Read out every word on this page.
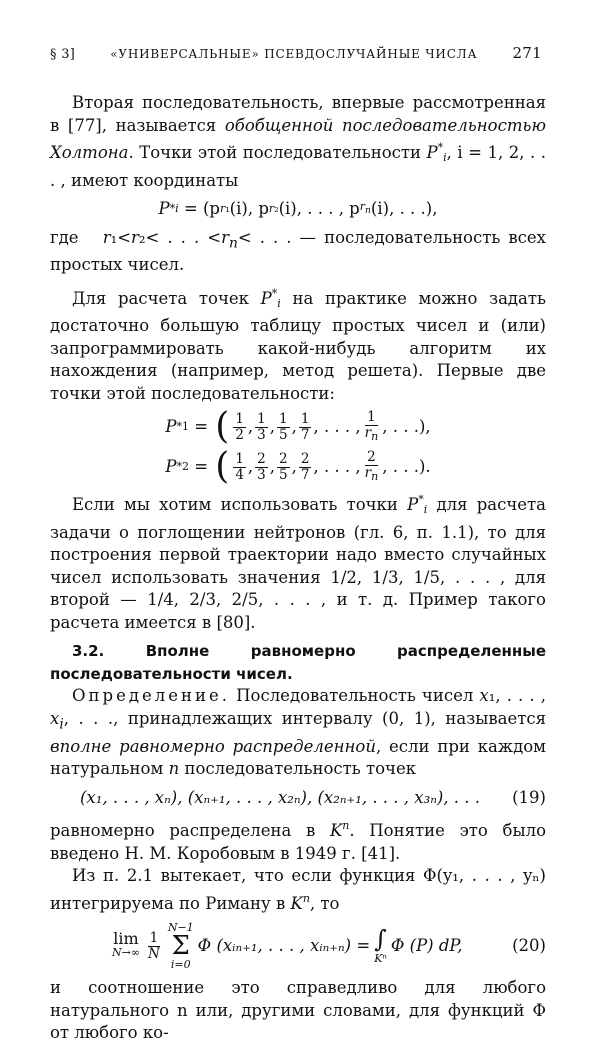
§ 3]	«УНИВЕРСАЛЬНЫЕ» ПСЕВДОСЛУЧАЙНЫЕ ЧИСЛА 271

Вторая последовательность, впервые рассмотренная в [77], называется обобщенной последовательностью Холтона. Точки этой последовательности $P^*_i$, i = 1, 2, . . . , имеют координаты

P * i
= (p r₁ (i), p r₂ (i), . . . , p $r_n$ (i), . . .),

где r₁<r₂< . . . $<r_n<$ . . . — последовательность всех простых чисел.

Для расчета точек $P^*_i$ на практике можно задать достаточно большую таблицу простых чисел и (или) запрограммировать какой-нибудь алгоритм их нахождения (например, метод решета). Первые две точки этой последовательности:

P * 1 = ( $\frac{1}{2}$ , $\frac{1}{3}$ , $\frac{1}{5}$ , $\frac{1}{7}$ , . . . , $\frac{1}{r_n}$ , . . .),
P * 2 = ( $\frac{1}{4}$ , $\frac{2}{3}$ , $\frac{2}{5}$ , $\frac{2}{7}$ , . . . , $\frac{2}{r_n}$ , . . .).

Если мы хотим использовать точки $P^*_i$ для расчета задачи о поглощении нейтронов (гл. 6, п. 1.1), то для построения первой траектории надо вместо случайных чисел использовать значения 1/2, 1/3, 1/5, . . . , для второй — 1/4, 2/3, 2/5, . . . , и т. д. Пример такого расчета имеется в [80].

3.2. Вполне равномерно распределенные последовательности чисел.

Определение. Последовательность чисел x₁, . . . , $x_i$, . . ., принадлежащих интервалу (0, 1), называется вполне равномерно распределенной, если при каждом натуральном n последовательность точек

(x₁, . . . , xₙ), (xₙ₊₁, . . . , x₂ₙ), (x₂ₙ₊₁, . . . , x₃ₙ), . . . (19)

равномерно распределена в $K^n$. Понятие это было введено Н. М. Коробовым в 1949 г. [41].

Из п. 2.1 вытекает, что если функция Φ(y₁, . . . , yₙ) интегрируема по Риману в $K^n$, то

lim
$N\to\infty \frac{1}{N}$
N−1
Σ
i=0
Φ (xᵢₙ₊₁, . . . , xᵢₙ₊ₙ) = ∫
Kⁿ
Φ (P) dP,	(20)

и соотношение это справедливо для любого натурального n или, другими словами, для функций Φ от любого ко-
